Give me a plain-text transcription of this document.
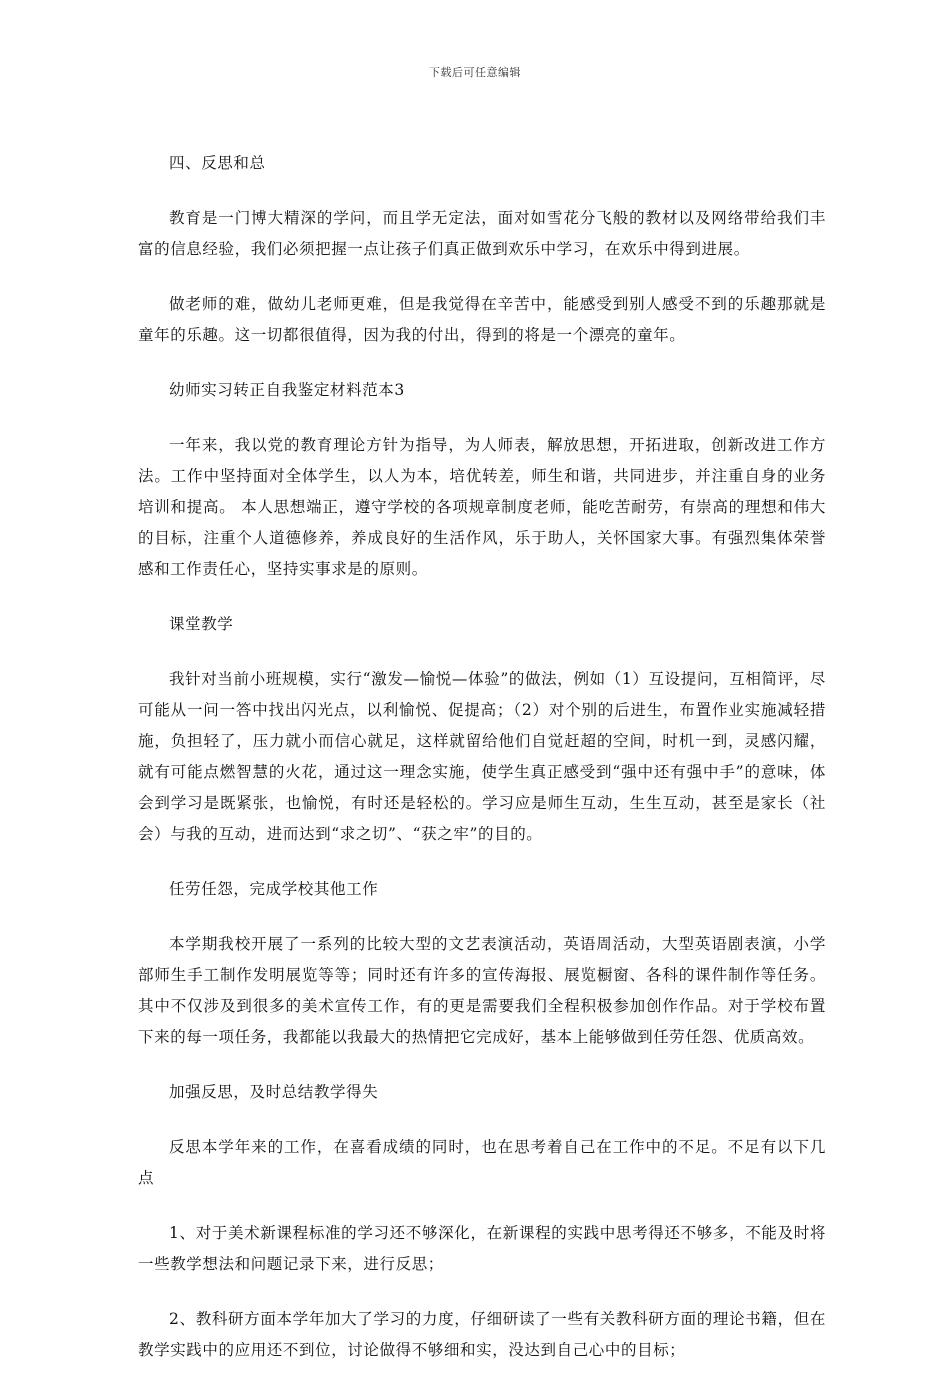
下载后可任意编辑

四、反思和总

教育是一门博大精深的学问，而且学无定法，面对如雪花分飞般的教材以及网络带给我们丰富的信息经验，我们必须把握一点让孩子们真正做到欢乐中学习，在欢乐中得到进展。

做老师的难，做幼儿老师更难，但是我觉得在辛苦中，能感受到别人感受不到的乐趣那就是童年的乐趣。这一切都很值得，因为我的付出，得到的将是一个漂亮的童年。

幼师实习转正自我鉴定材料范本3

一年来，我以党的教育理论方针为指导，为人师表，解放思想，开拓进取，创新改进工作方法。工作中坚持面对全体学生，以人为本，培优转差，师生和谐，共同进步，并注重自身的业务培训和提高。 本人思想端正，遵守学校的各项规章制度老师，能吃苦耐劳，有崇高的理想和伟大的目标，注重个人道德修养，养成良好的生活作风，乐于助人，关怀国家大事。有强烈集体荣誉感和工作责任心，坚持实事求是的原则。

课堂教学

我针对当前小班规模，实行“激发—愉悦—体验”的做法，例如（1）互设提问，互相简评，尽可能从一问一答中找出闪光点，以利愉悦、促提高；（2）对个别的后进生，布置作业实施减轻措施，负担轻了，压力就小而信心就足，这样就留给他们自觉赶超的空间，时机一到，灵感闪耀，就有可能点燃智慧的火花，通过这一理念实施，使学生真正感受到“强中还有强中手”的意味，体会到学习是既紧张，也愉悦，有时还是轻松的。学习应是师生互动，生生互动，甚至是家长（社会）与我的互动，进而达到“求之切”、“获之牢”的目的。

任劳任怨，完成学校其他工作

本学期我校开展了一系列的比较大型的文艺表演活动，英语周活动，大型英语剧表演，小学部师生手工制作发明展览等等；同时还有许多的宣传海报、展览橱窗、各科的课件制作等任务。其中不仅涉及到很多的美术宣传工作，有的更是需要我们全程积极参加创作作品。对于学校布置下来的每一项任务，我都能以我最大的热情把它完成好，基本上能够做到任劳任怨、优质高效。

加强反思，及时总结教学得失

反思本学年来的工作，在喜看成绩的同时，也在思考着自己在工作中的不足。不足有以下几点

1、对于美术新课程标准的学习还不够深化，在新课程的实践中思考得还不够多，不能及时将一些教学想法和问题记录下来，进行反思；

2、教科研方面本学年加大了学习的力度，仔细研读了一些有关教科研方面的理论书籍，但在教学实践中的应用还不到位，讨论做得不够细和实，没达到自己心中的目标；
